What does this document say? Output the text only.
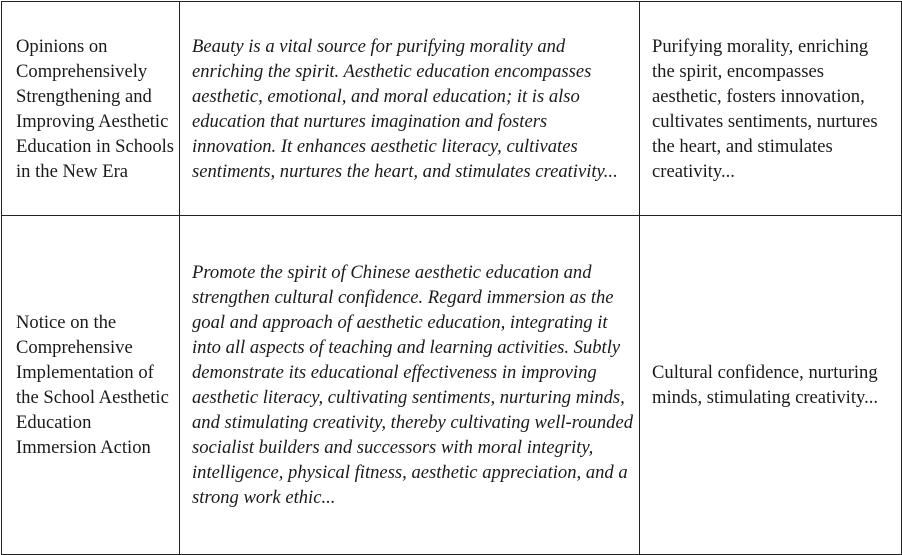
Opinions on Comprehensively Strengthening and Improving Aesthetic Education in Schools in the New Era	Beauty is a vital source for purifying morality and enriching the spirit. Aesthetic education encompasses aesthetic, emotional, and moral education; it is also education that nurtures imagination and fosters innovation. It enhances aesthetic literacy, cultivates sentiments, nurtures the heart, and stimulates creativity...	Purifying morality, enriching the spirit, encompasses aesthetic, fosters innovation, cultivates sentiments, nurtures the heart, and stimulates creativity...
Notice on the Comprehensive Implementation of the School Aesthetic Education Immersion Action	Promote the spirit of Chinese aesthetic education and strengthen cultural confidence. Regard immersion as the goal and approach of aesthetic education, integrating it into all aspects of teaching and learning activities. Subtly demonstrate its educational effectiveness in improving aesthetic literacy, cultivating sentiments, nurturing minds, and stimulating creativity, thereby cultivating well-rounded socialist builders and successors with moral integrity, intelligence, physical fitness, aesthetic appreciation, and a strong work ethic...	Cultural confidence, nurturing minds, stimulating creativity...
